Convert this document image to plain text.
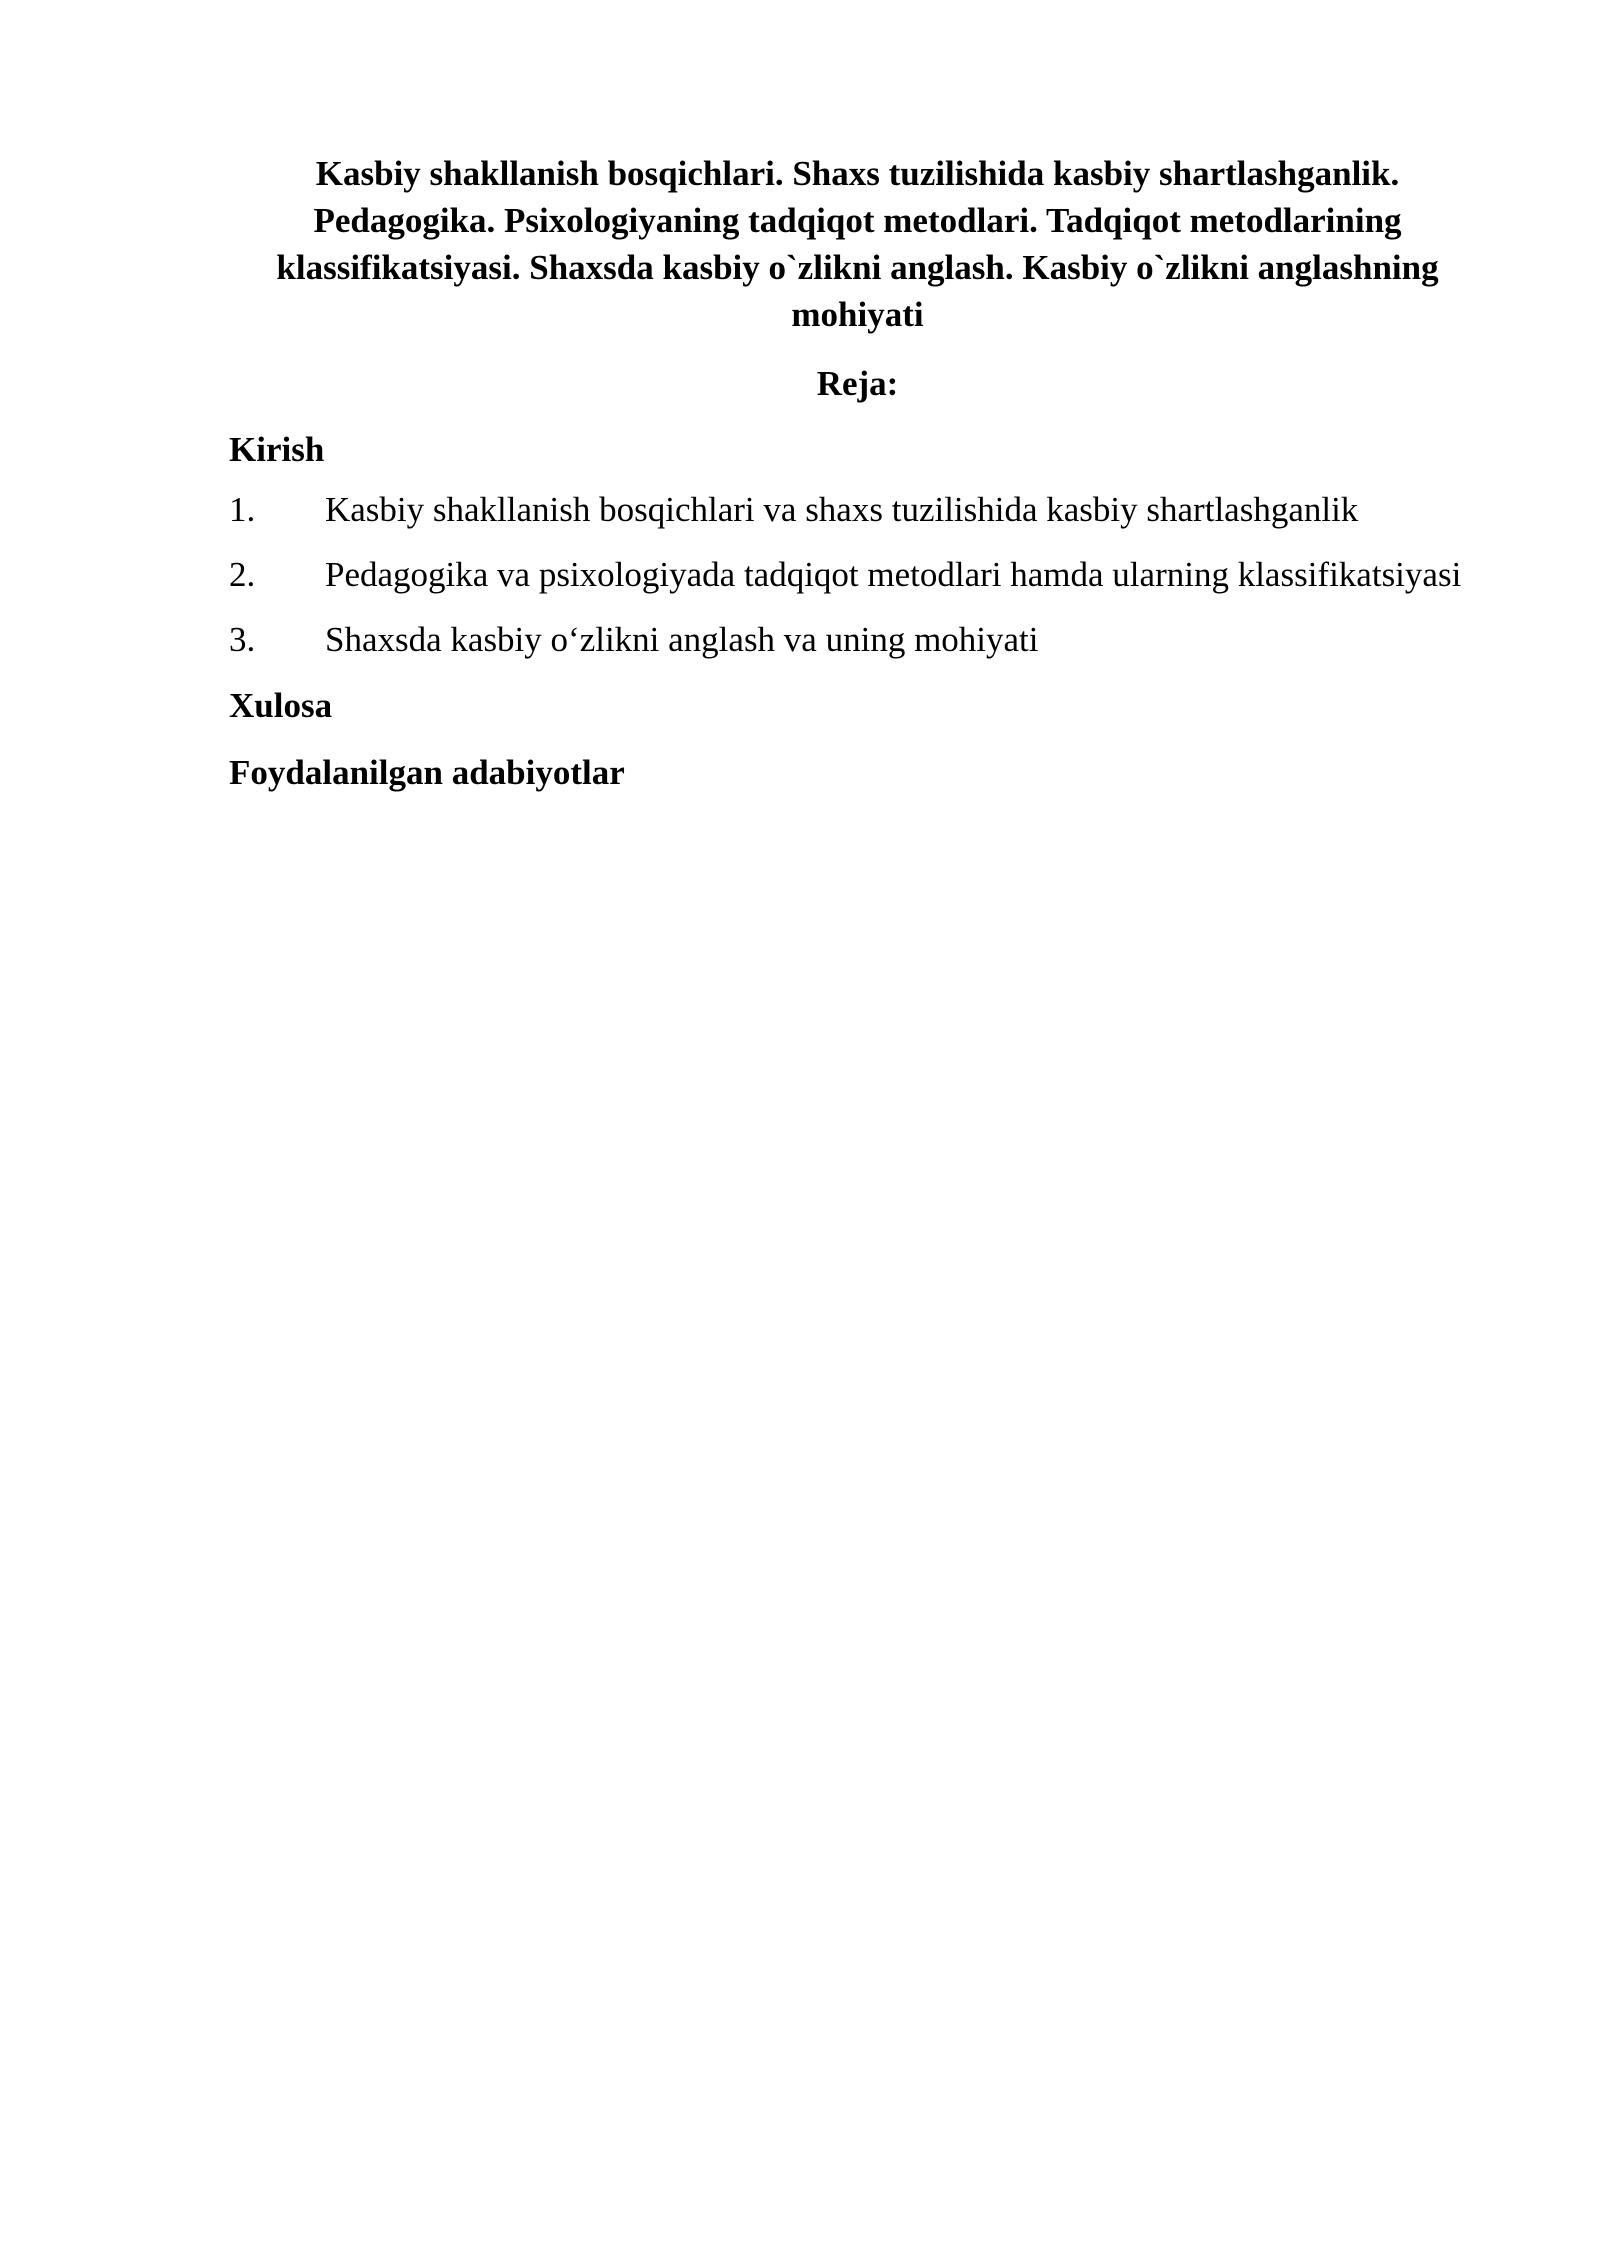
Kasbiy shakllanish bosqichlari. Shaxs tuzilishida kasbiy shartlashganlik. Pedagogika. Psixologiyaning tadqiqot metodlari. Tadqiqot metodlarining klassifikatsiyasi. Shaxsda kasbiy o`zlikni anglash. Kasbiy o`zlikni anglashning mohiyati

Reja:

Kirish

1. Kasbiy shakllanish bosqichlari va shaxs tuzilishida kasbiy shartlashganlik
2. Pedagogika va psixologiyada tadqiqot metodlari hamda ularning klassifikatsiyasi
3. Shaxsda kasbiy o‘zlikni anglash va uning mohiyati

Xulosa

Foydalanilgan adabiyotlar
